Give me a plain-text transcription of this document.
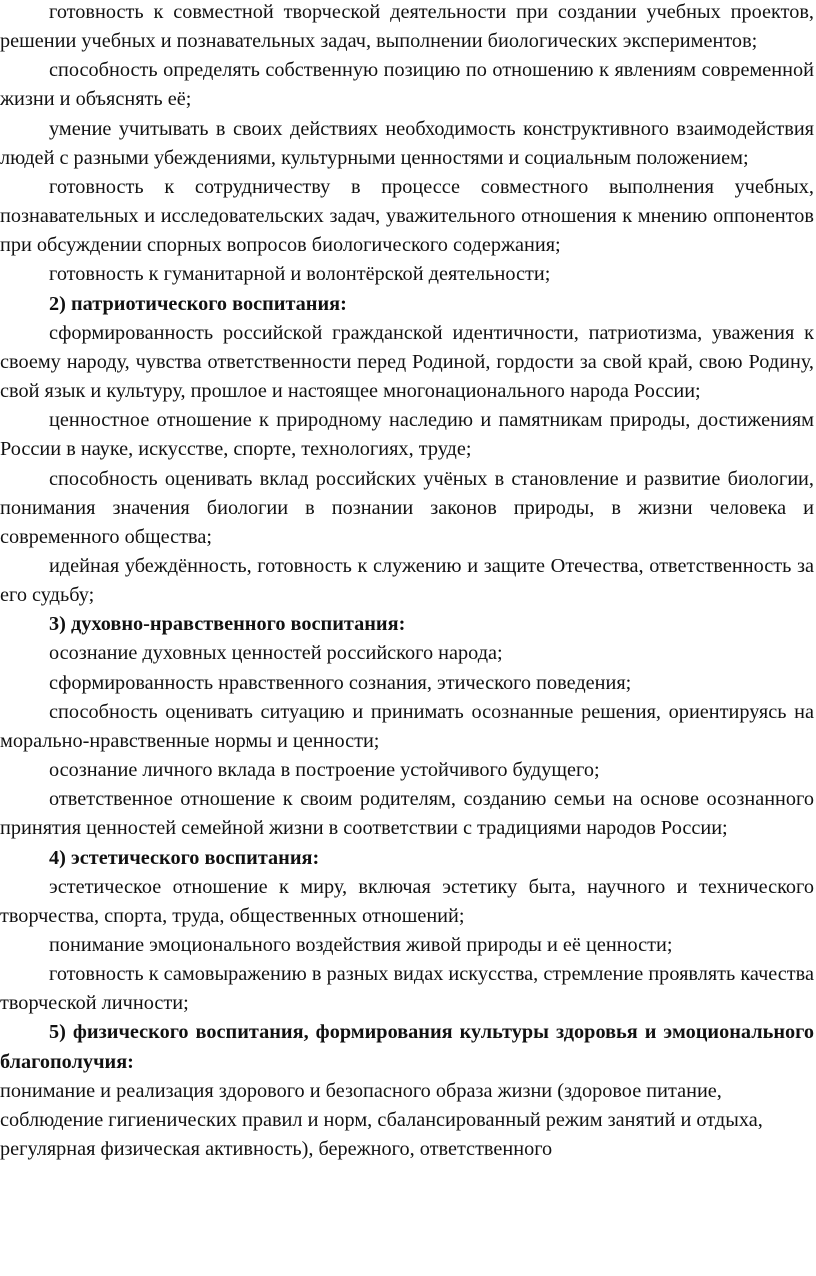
готовность к совместной творческой деятельности при создании учебных проектов, решении учебных и познавательных задач, выполнении биологических экспериментов;

способность определять собственную позицию по отношению к явлениям современной жизни и объяснять её;

умение учитывать в своих действиях необходимость конструктивного взаимодействия людей с разными убеждениями, культурными ценностями и социальным положением;

готовность к сотрудничеству в процессе совместного выполнения учебных, познавательных и исследовательских задач, уважительного отношения к мнению оппонентов при обсуждении спорных вопросов биологического содержания;

готовность к гуманитарной и волонтёрской деятельности;

2) патриотического воспитания:

сформированность российской гражданской идентичности, патриотизма, уважения к своему народу, чувства ответственности перед Родиной, гордости за свой край, свою Родину, свой язык и культуру, прошлое и настоящее многонационального народа России;

ценностное отношение к природному наследию и памятникам природы, достижениям России в науке, искусстве, спорте, технологиях, труде;

способность оценивать вклад российских учёных в становление и развитие биологии, понимания значения биологии в познании законов природы, в жизни человека и современного общества;

идейная убеждённость, готовность к служению и защите Отечества, ответственность за его судьбу;

3) духовно-нравственного воспитания:

осознание духовных ценностей российского народа;

сформированность нравственного сознания, этического поведения;

способность оценивать ситуацию и принимать осознанные решения, ориентируясь на морально-нравственные нормы и ценности;

осознание личного вклада в построение устойчивого будущего;

ответственное отношение к своим родителям, созданию семьи на основе осознанного принятия ценностей семейной жизни в соответствии с традициями народов России;

4) эстетического воспитания:

эстетическое отношение к миру, включая эстетику быта, научного и технического творчества, спорта, труда, общественных отношений;

понимание эмоционального воздействия живой природы и её ценности;

готовность к самовыражению в разных видах искусства, стремление проявлять качества творческой личности;

5) физического воспитания, формирования культуры здоровья и эмоционального благополучия:

понимание и реализация здорового и безопасного образа жизни (здоровое питание, соблюдение гигиенических правил и норм, сбалансированный режим занятий и отдыха, регулярная физическая активность), бережного, ответственного
